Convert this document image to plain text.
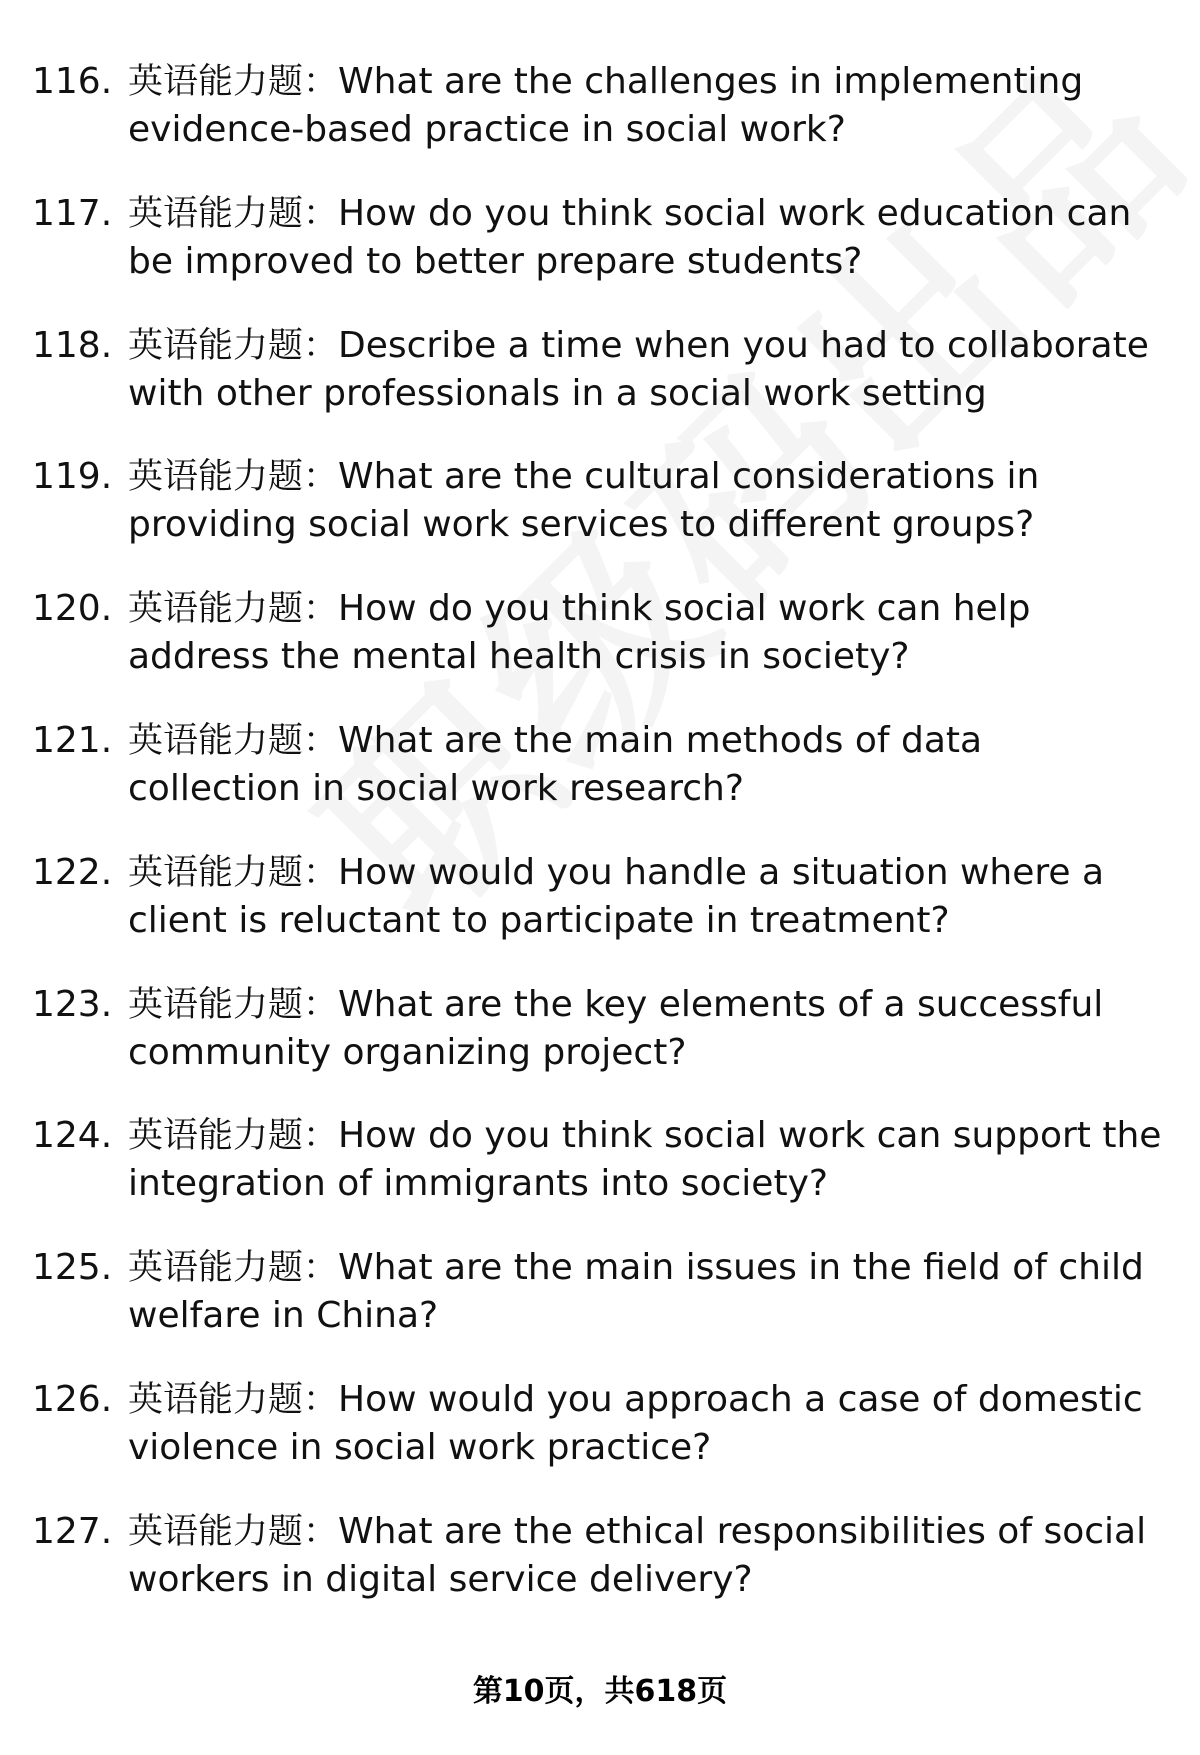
116. 英语能力题：What are the challenges in implementing evidence-based practice in social work?
117. 英语能力题：How do you think social work education can be improved to better prepare students?
118. 英语能力题：Describe a time when you had to collaborate with other professionals in a social work setting
119. 英语能力题：What are the cultural considerations in providing social work services to different groups?
120. 英语能力题：How do you think social work can help address the mental health crisis in society?
121. 英语能力题：What are the main methods of data collection in social work research?
122. 英语能力题：How would you handle a situation where a client is reluctant to participate in treatment?
123. 英语能力题：What are the key elements of a successful community organizing project?
124. 英语能力题：How do you think social work can support the integration of immigrants into society?
125. 英语能力题：What are the main issues in the field of child welfare in China?
126. 英语能力题：How would you approach a case of domestic violence in social work practice?
127. 英语能力题：What are the ethical responsibilities of social workers in digital service delivery?
第10页，共618页
